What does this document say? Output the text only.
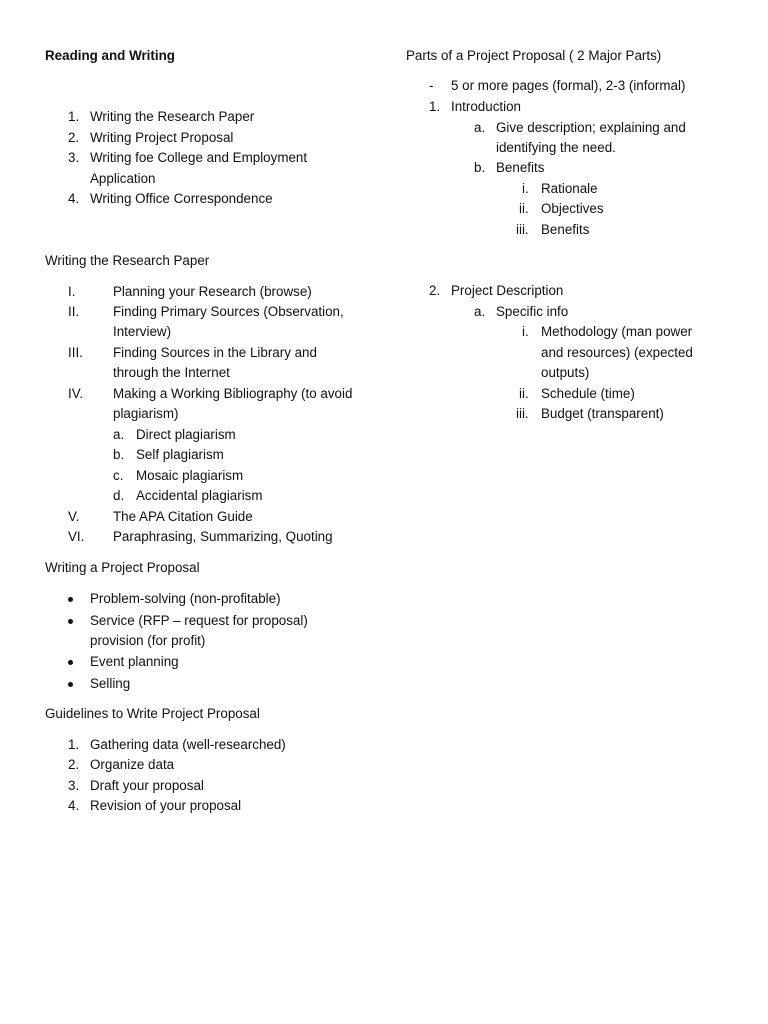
Reading and Writing
1. Writing the Research Paper
2. Writing Project Proposal
3. Writing foe College and Employment
Application
4. Writing Office Correspondence
Writing the Research Paper
I.	Planning your Research (browse)
II.	Finding Primary Sources (Observation,
Interview)
III. Finding Sources in the Library and
through the Internet
IV. Making a Working Bibliography (to avoid
plagiarism)
a. Direct plagiarism
b. Self plagiarism
c. Mosaic plagiarism
d. Accidental plagiarism
V.	The APA Citation Guide
VI. Paraphrasing, Summarizing, Quoting
Writing a Project Proposal
Problem-solving (non-profitable)
Service (RFP – request for proposal)
provision (for profit)
Event planning
Selling
Guidelines to Write Project Proposal
1. Gathering data (well-researched)
2. Organize data
3. Draft your proposal
4. Revision of your proposal
Parts of a Project Proposal ( 2 Major Parts)
- 5 or more pages (formal), 2-3 (informal)
1. Introduction
a. Give description; explaining and
identifying the need.
b. Benefits
i. Rationale
ii. Objectives
iii. Benefits
2. Project Description
a. Specific info
i. Methodology (man power
and resources) (expected
outputs)
ii. Schedule (time)
iii. Budget (transparent)
